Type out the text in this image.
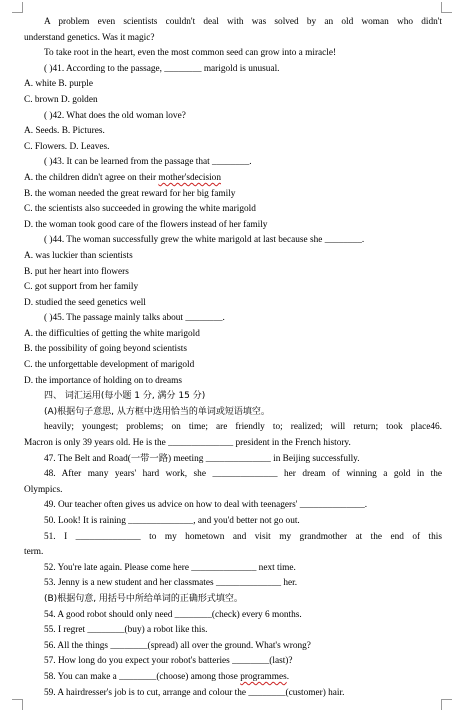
A problem even scientists couldn't deal with was solved by an old woman who didn't
understand genetics. Was it magic?
To take root in the heart, even the most common seed can grow into a miracle!
( )41. According to the passage, ________ marigold is unusual.
A. white B. purple
C. brown D. golden
( )42. What does the old woman love?
A. Seeds. B. Pictures.
C. Flowers. D. Leaves.
( )43. It can be learned from the passage that ________.
A. the children didn't agree on their mother'sdecision
B. the woman needed the great reward for her big family
C. the scientists also succeeded in growing the white marigold
D. the woman took good care of the flowers instead of her family
( )44. The woman successfully grew the white marigold at last because she ________.
A. was luckier than scientists
B. put her heart into flowers
C. got support from her family
D. studied the seed genetics well
( )45. The passage mainly talks about ________.
A. the difficulties of getting the white marigold
B. the possibility of going beyond scientists
C. the unforgettable development of marigold
D. the importance of holding on to dreams
四、 词汇运用(每小题 1 分, 满分 15 分)
(A)根据句子意思, 从方框中选用恰当的单词或短语填空。
heavily; youngest; problems; on time; are friendly to; realized; will return; took place46.
Macron is only 39 years old. He is the ______________ president in the French history.
47. The Belt and Road(一带一路) meeting ______________ in Beijing successfully.
48. After many years' hard work, she ______________ her dream of winning a gold in the
Olympics.
49. Our teacher often gives us advice on how to deal with teenagers' ______________.
50. Look! It is raining ______________, and you'd better not go out.
51. I ______________ to my hometown and visit my grandmother at the end of this
term.
52. You're late again. Please come here ______________ next time.
53. Jenny is a new student and her classmates ______________ her.
(B)根据句意, 用括号中所给单词的正确形式填空。
54. A good robot should only need ________(check) every 6 months.
55. I regret ________(buy) a robot like this.
56. All the things ________(spread) all over the ground. What's wrong?
57. How long do you expect your robot's batteries ________(last)?
58. You can make a ________(choose) among those programmes.
59. A hairdresser's job is to cut, arrange and colour the ________(customer) hair.
